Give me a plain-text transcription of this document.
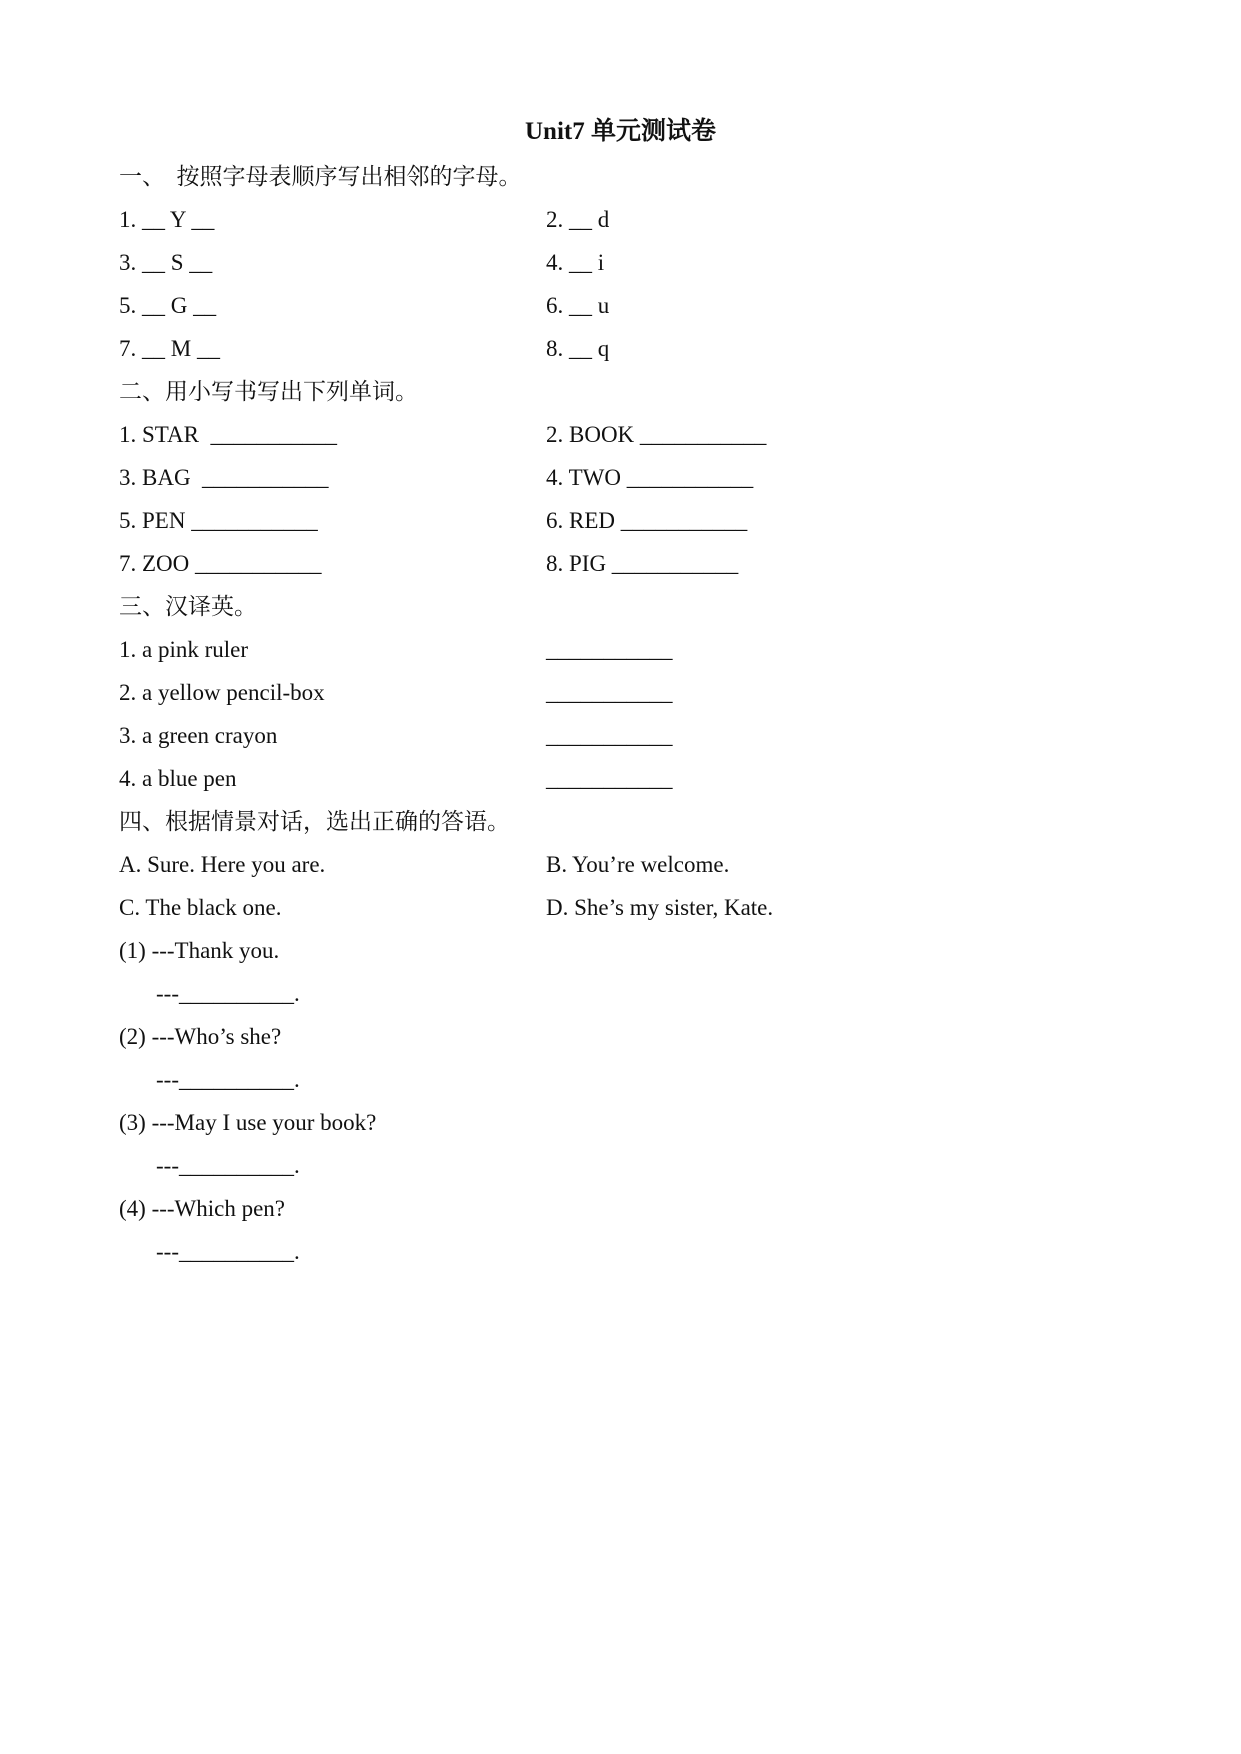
Unit7 单元测试卷
一、  按照字母表顺序写出相邻的字母。
1. __ Y __	2. __ d
3. __ S __	4. __ i
5. __ G __	6. __ u
7. __ M __	8. __ q
二、用小写书写出下列单词。
1. STAR  ___________	2. BOOK ___________
3. BAG  ___________	4. TWO ___________
5. PEN ___________	6. RED ___________
7. ZOO ___________	8. PIG ___________
三、汉译英。
1. a pink ruler	___________
2. a yellow pencil-box	___________
3. a green crayon	___________
4. a blue pen	___________
四、根据情景对话，选出正确的答语。
A. Sure. Here you are.	B. You’re welcome.
C. The black one.	D. She’s my sister, Kate.
(1) ---Thank you.
---__________.
(2) ---Who’s she?
---__________.
(3) ---May I use your book?
---__________.
(4) ---Which pen?
---__________.
